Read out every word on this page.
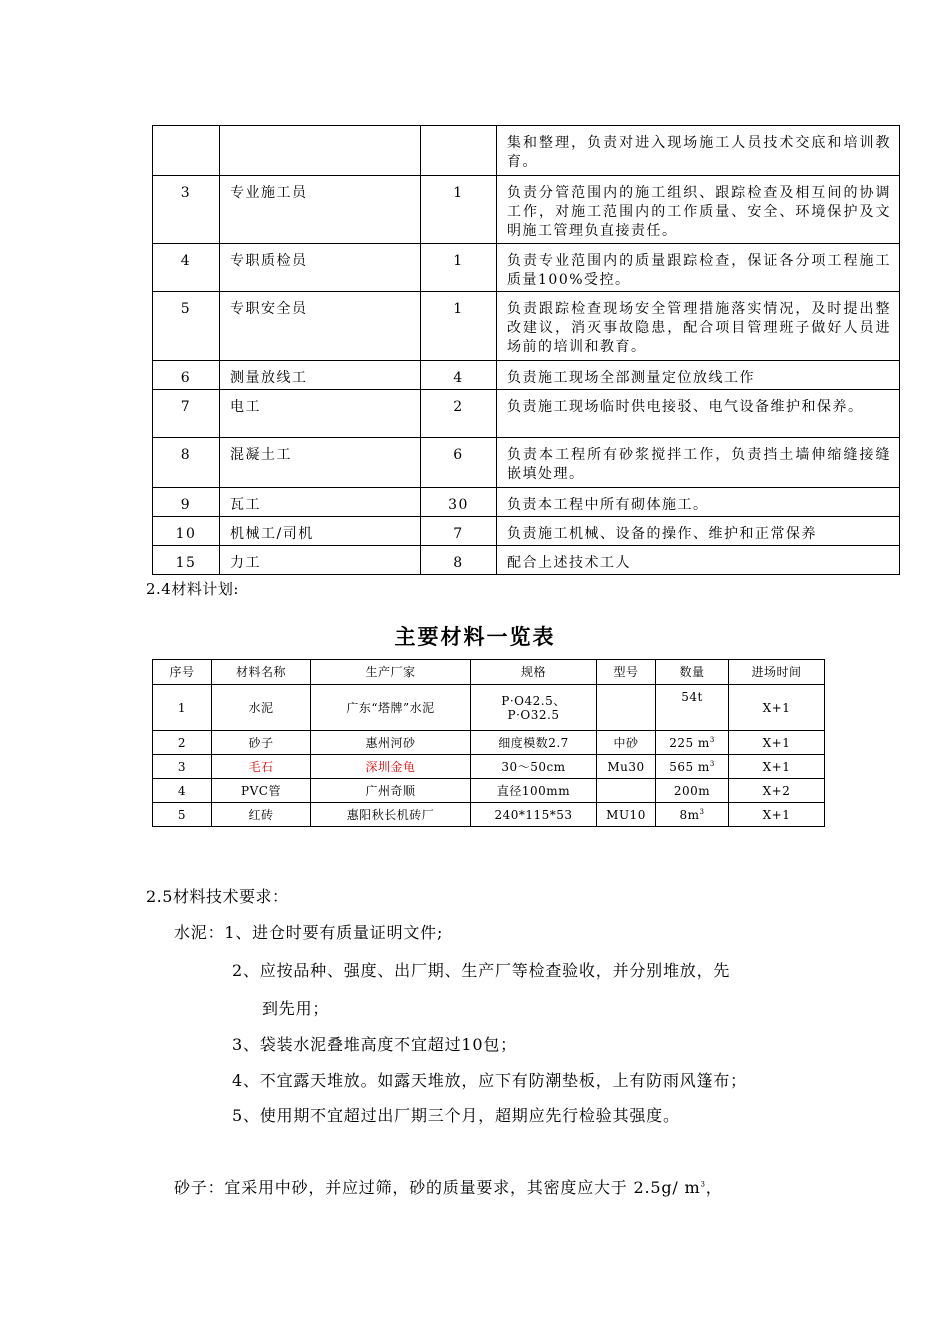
			集和整理，负责对进入现场施工人员技术交底和培训教育。
3	专业施工员	1	负责分管范围内的施工组织、跟踪检查及相互间的协调工作，对施工范围内的工作质量、安全、环境保护及文明施工管理负直接责任。
4	专职质检员	1	负责专业范围内的质量跟踪检查，保证各分项工程施工质量100%受控。
5	专职安全员	1	负责跟踪检查现场安全管理措施落实情况，及时提出整改建议，消灭事故隐患，配合项目管理班子做好人员进场前的培训和教育。
6	测量放线工	4	负责施工现场全部测量定位放线工作
7	电工	2	负责施工现场临时供电接驳、电气设备维护和保养。
8	混凝土工	6	负责本工程所有砂浆搅拌工作，负责挡土墙伸缩缝接缝嵌填处理。
9	瓦工	30	负责本工程中所有砌体施工。
10	机械工/司机	7	负责施工机械、设备的操作、维护和正常保养
15	力工	8	配合上述技术工人
2.4材料计划:
主要材料一览表
序号	材料名称	生产厂家	规格	型号	数量	进场时间
1	水泥	广东“塔牌”水泥	P·O42.5、P·O32.5		54t	X+1
2	砂子	惠州河砂	细度模数2.7	中砂	225 $m^3$	X+1
3	毛石	深圳金龟	30～50cm	Mu30	565 $m^3$	X+1
4	PVC管	广州奇顺	直径100mm		200m	X+2
5	红砖	惠阳秋长机砖厂	240*115*53	MU10	$8m^3$	X+1
2.5材料技术要求：
水泥：1、进仓时要有质量证明文件;
2、应按品种、强度、出厂期、生产厂等检查验收，并分别堆放，先
到先用；
3、袋装水泥叠堆高度不宜超过10包；
4、不宜露天堆放。如露天堆放，应下有防潮垫板，上有防雨风篷布；
5、使用期不宜超过出厂期三个月，超期应先行检验其强度。
砂子：宜采用中砂，并应过筛，砂的质量要求，其密度应大于 2.5g/ $m^3$，
